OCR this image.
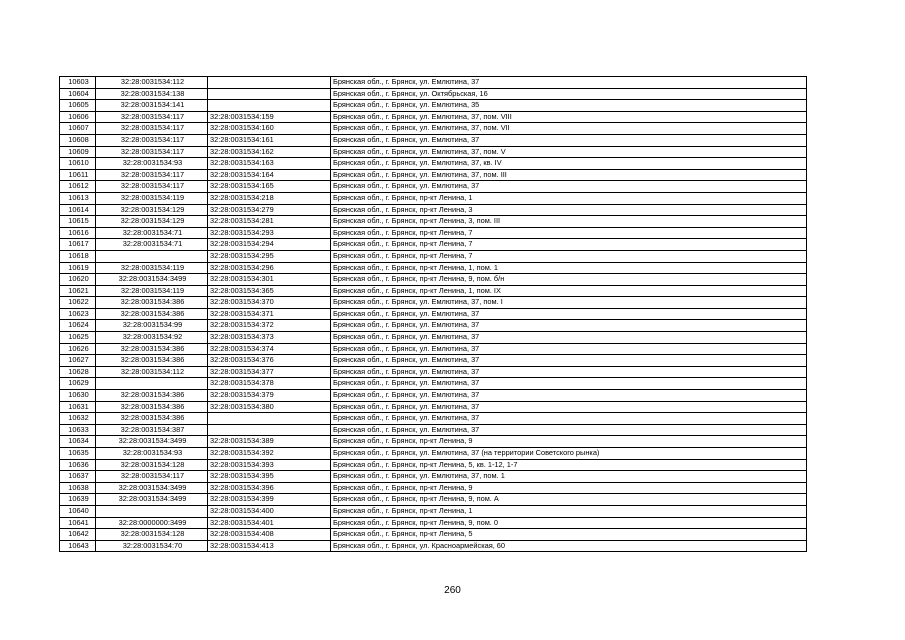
10603	32:28:0031534:112		Брянская обл., г. Брянск, ул. Емлютина, 37
10604	32:28:0031534:138		Брянская обл., г. Брянск, ул. Октябрьская, 16
10605	32:28:0031534:141		Брянская обл., г. Брянск, ул. Емлютина, 35
10606	32:28:0031534:117	32:28:0031534:159	Брянская обл., г. Брянск, ул. Емлютина, 37, пом. VIII
10607	32:28:0031534:117	32:28:0031534:160	Брянская обл., г. Брянск, ул. Емлютина, 37, пом. VII
10608	32:28:0031534:117	32:28:0031534:161	Брянская обл., г. Брянск, ул. Емлютина, 37
10609	32:28:0031534:117	32:28:0031534:162	Брянская обл., г. Брянск, ул. Емлютина, 37, пом. V
10610	32:28:0031534:93	32:28:0031534:163	Брянская обл., г. Брянск, ул. Емлютина, 37, кв. IV
10611	32:28:0031534:117	32:28:0031534:164	Брянская обл., г. Брянск, ул. Емлютина, 37, пом. III
10612	32:28:0031534:117	32:28:0031534:165	Брянская обл., г. Брянск, ул. Емлютина, 37
10613	32:28:0031534:119	32:28:0031534:218	Брянская обл., г. Брянск, пр-кт Ленина, 1
10614	32:28:0031534:129	32:28:0031534:279	Брянская обл., г. Брянск, пр-кт Ленина, 3
10615	32:28:0031534:129	32:28:0031534:281	Брянская обл., г. Брянск, пр-кт Ленина, 3, пом. III
10616	32:28:0031534:71	32:28:0031534:293	Брянская обл., г. Брянск, пр-кт Ленина, 7
10617	32:28:0031534:71	32:28:0031534:294	Брянская обл., г. Брянск, пр-кт Ленина, 7
10618		32:28:0031534:295	Брянская обл., г. Брянск, пр-кт Ленина, 7
10619	32:28:0031534:119	32:28:0031534:296	Брянская обл., г. Брянск, пр-кт Ленина, 1, пом. 1
10620	32:28:0031534:3499	32:28:0031534:301	Брянская обл., г. Брянск, пр-кт Ленина, 9, пом. б/н
10621	32:28:0031534:119	32:28:0031534:365	Брянская обл., г. Брянск, пр-кт Ленина, 1, пом. IX
10622	32:28:0031534:386	32:28:0031534:370	Брянская обл., г. Брянск, ул. Емлютина, 37, пом. I
10623	32:28:0031534:386	32:28:0031534:371	Брянская обл., г. Брянск, ул. Емлютина, 37
10624	32:28:0031534:99	32:28:0031534:372	Брянская обл., г. Брянск, ул. Емлютина, 37
10625	32:28:0031534:92	32:28:0031534:373	Брянская обл., г. Брянск, ул. Емлютина, 37
10626	32:28:0031534:386	32:28:0031534:374	Брянская обл., г. Брянск, ул. Емлютина, 37
10627	32:28:0031534:386	32:28:0031534:376	Брянская обл., г. Брянск, ул. Емлютина, 37
10628	32:28:0031534:112	32:28:0031534:377	Брянская обл., г. Брянск, ул. Емлютина, 37
10629		32:28:0031534:378	Брянская обл., г. Брянск, ул. Емлютина, 37
10630	32:28:0031534:386	32:28:0031534:379	Брянская обл., г. Брянск, ул. Емлютина, 37
10631	32:28:0031534:386	32:28:0031534:380	Брянская обл., г. Брянск, ул. Емлютина, 37
10632	32:28:0031534:386		Брянская обл., г. Брянск, ул. Емлютина, 37
10633	32:28:0031534:387		Брянская обл., г. Брянск, ул. Емлютина, 37
10634	32:28:0031534:3499	32:28:0031534:389	Брянская обл., г. Брянск, пр-кт Ленина, 9
10635	32:28:0031534:93	32:28:0031534:392	Брянская обл., г. Брянск, ул. Емлютина, 37 (на территории Советского рынка)
10636	32:28:0031534:128	32:28:0031534:393	Брянская обл., г. Брянск, пр-кт Ленина, 5, кв. 1-12, 1-7
10637	32:28:0031534:117	32:28:0031534:395	Брянская обл., г. Брянск, ул. Емлютина, 37, пом. 1
10638	32:28:0031534:3499	32:28:0031534:396	Брянская обл., г. Брянск, пр-кт Ленина, 9
10639	32:28:0031534:3499	32:28:0031534:399	Брянская обл., г. Брянск, пр-кт Ленина, 9, пом. А
10640		32:28:0031534:400	Брянская обл., г. Брянск, пр-кт Ленина, 1
10641	32:28:0000000:3499	32:28:0031534:401	Брянская обл., г. Брянск, пр-кт Ленина, 9, пом. 0
10642	32:28:0031534:128	32:28:0031534:408	Брянская обл., г. Брянск, пр-кт Ленина, 5
10643	32:28:0031534:70	32:28:0031534:413	Брянская обл., г. Брянск, ул. Красноармейская, 60
260
